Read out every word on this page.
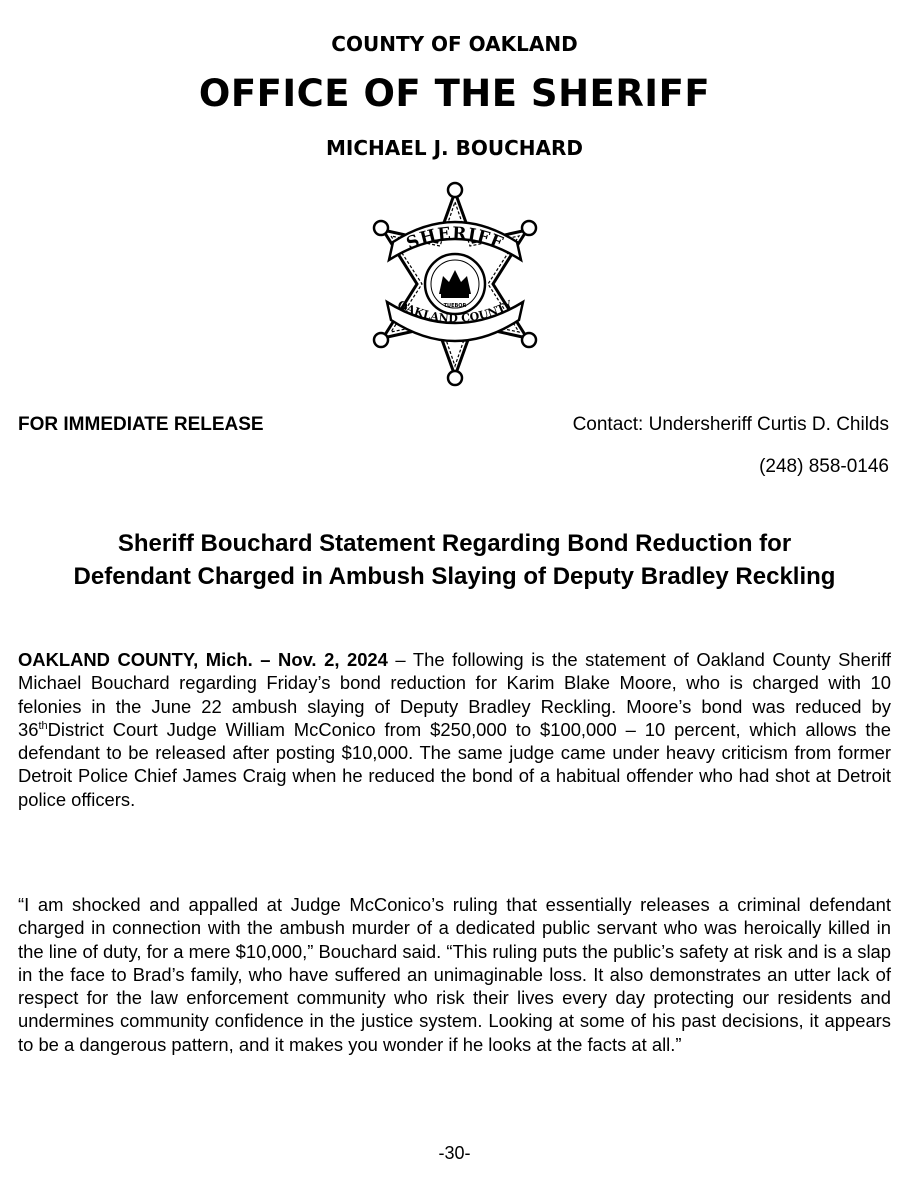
COUNTY OF OAKLAND
OFFICE OF THE SHERIFF
MICHAEL J. BOUCHARD
TUEBOR
SHERIFF
OAKLAND COUNTY
FOR IMMEDIATE RELEASE	Contact: Undersheriff Curtis D. Childs
(248) 858-0146
Sheriff Bouchard Statement Regarding Bond Reduction for
Defendant Charged in Ambush Slaying of Deputy Bradley Reckling
OAKLAND COUNTY, Mich. – Nov. 2, 2024 – The following is the statement of Oakland County Sheriff Michael Bouchard regarding Friday’s bond reduction for Karim Blake Moore, who is charged with 10 felonies in the June 22 ambush slaying of Deputy Bradley Reckling. Moore’s bond was reduced by 36thDistrict Court Judge William McConico from $250,000 to $100,000 – 10 percent, which allows the defendant to be released after posting $10,000. The same judge came under heavy criticism from former Detroit Police Chief James Craig when he reduced the bond of a habitual offender who had shot at Detroit police officers.
“I am shocked and appalled at Judge McConico’s ruling that essentially releases a criminal defendant charged in connection with the ambush murder of a dedicated public servant who was heroically killed in the line of duty, for a mere $10,000,” Bouchard said. “This ruling puts the public’s safety at risk and is a slap in the face to Brad’s family, who have suffered an unimaginable loss. It also demonstrates an utter lack of respect for the law enforcement community who risk their lives every day protecting our residents and undermines community confidence in the justice system. Looking at some of his past decisions, it appears to be a dangerous pattern, and it makes you wonder if he looks at the facts at all.”
-30-
